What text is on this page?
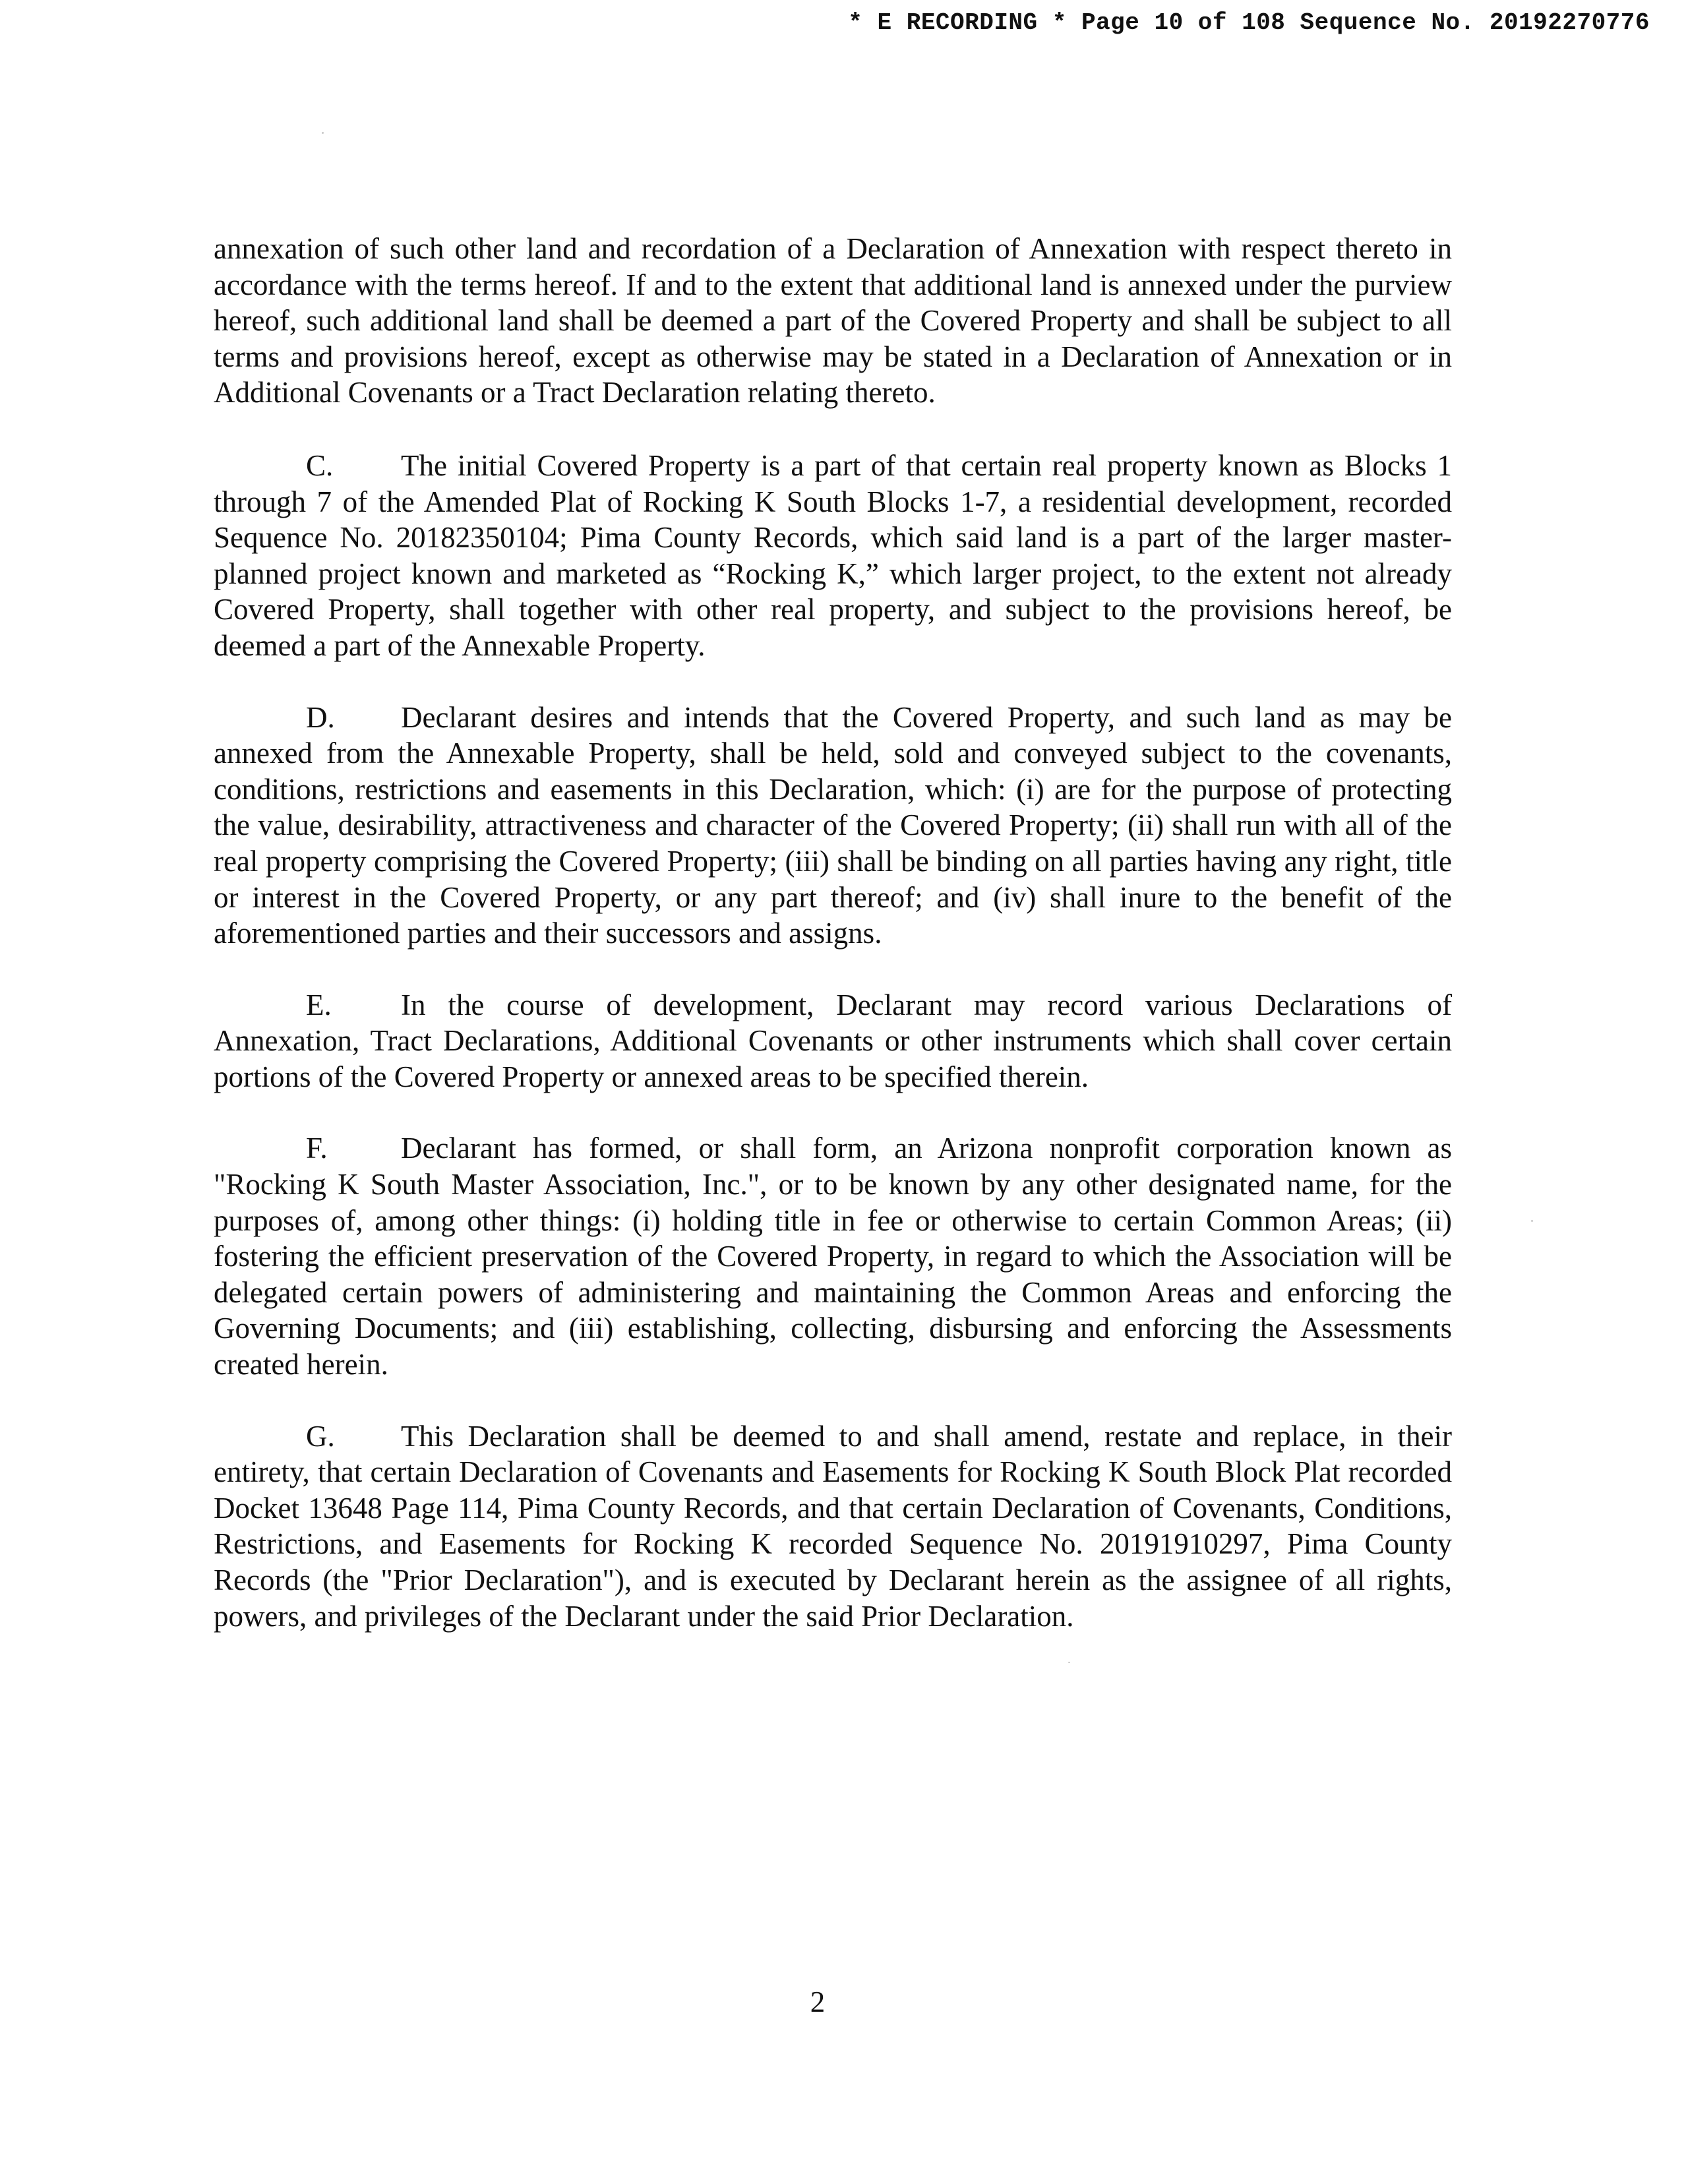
* E RECORDING * Page 10 of 108 Sequence No. 20192270776

annexation of such other land and recordation of a Declaration of Annexation with respect thereto in accordance with the terms hereof. If and to the extent that additional land is annexed under the purview hereof, such additional land shall be deemed a part of the Covered Property and shall be subject to all terms and provisions hereof, except as otherwise may be stated in a Declaration of Annexation or in Additional Covenants or a Tract Declaration relating thereto.

C. The initial Covered Property is a part of that certain real property known as Blocks 1 through 7 of the Amended Plat of Rocking K South Blocks 1-7, a residential development, recorded Sequence No. 20182350104; Pima County Records, which said land is a part of the larger master-planned project known and marketed as “Rocking K,” which larger project, to the extent not already Covered Property, shall together with other real property, and subject to the provisions hereof, be deemed a part of the Annexable Property.

D. Declarant desires and intends that the Covered Property, and such land as may be annexed from the Annexable Property, shall be held, sold and conveyed subject to the covenants, conditions, restrictions and easements in this Declaration, which: (i) are for the purpose of protecting the value, desirability, attractiveness and character of the Covered Property; (ii) shall run with all of the real property comprising the Covered Property; (iii) shall be binding on all parties having any right, title or interest in the Covered Property, or any part thereof; and (iv) shall inure to the benefit of the aforementioned parties and their successors and assigns.

E. In the course of development, Declarant may record various Declarations of Annexation, Tract Declarations, Additional Covenants or other instruments which shall cover certain portions of the Covered Property or annexed areas to be specified therein.

F. Declarant has formed, or shall form, an Arizona nonprofit corporation known as "Rocking K South Master Association, Inc.", or to be known by any other designated name, for the purposes of, among other things: (i) holding title in fee or otherwise to certain Common Areas; (ii) fostering the efficient preservation of the Covered Property, in regard to which the Association will be delegated certain powers of administering and maintaining the Common Areas and enforcing the Governing Documents; and (iii) establishing, collecting, disbursing and enforcing the Assessments created herein.

G. This Declaration shall be deemed to and shall amend, restate and replace, in their entirety, that certain Declaration of Covenants and Easements for Rocking K South Block Plat recorded Docket 13648 Page 114, Pima County Records, and that certain Declaration of Covenants, Conditions, Restrictions, and Easements for Rocking K recorded Sequence No. 20191910297, Pima County Records (the "Prior Declaration"), and is executed by Declarant herein as the assignee of all rights, powers, and privileges of the Declarant under the said Prior Declaration.

2
